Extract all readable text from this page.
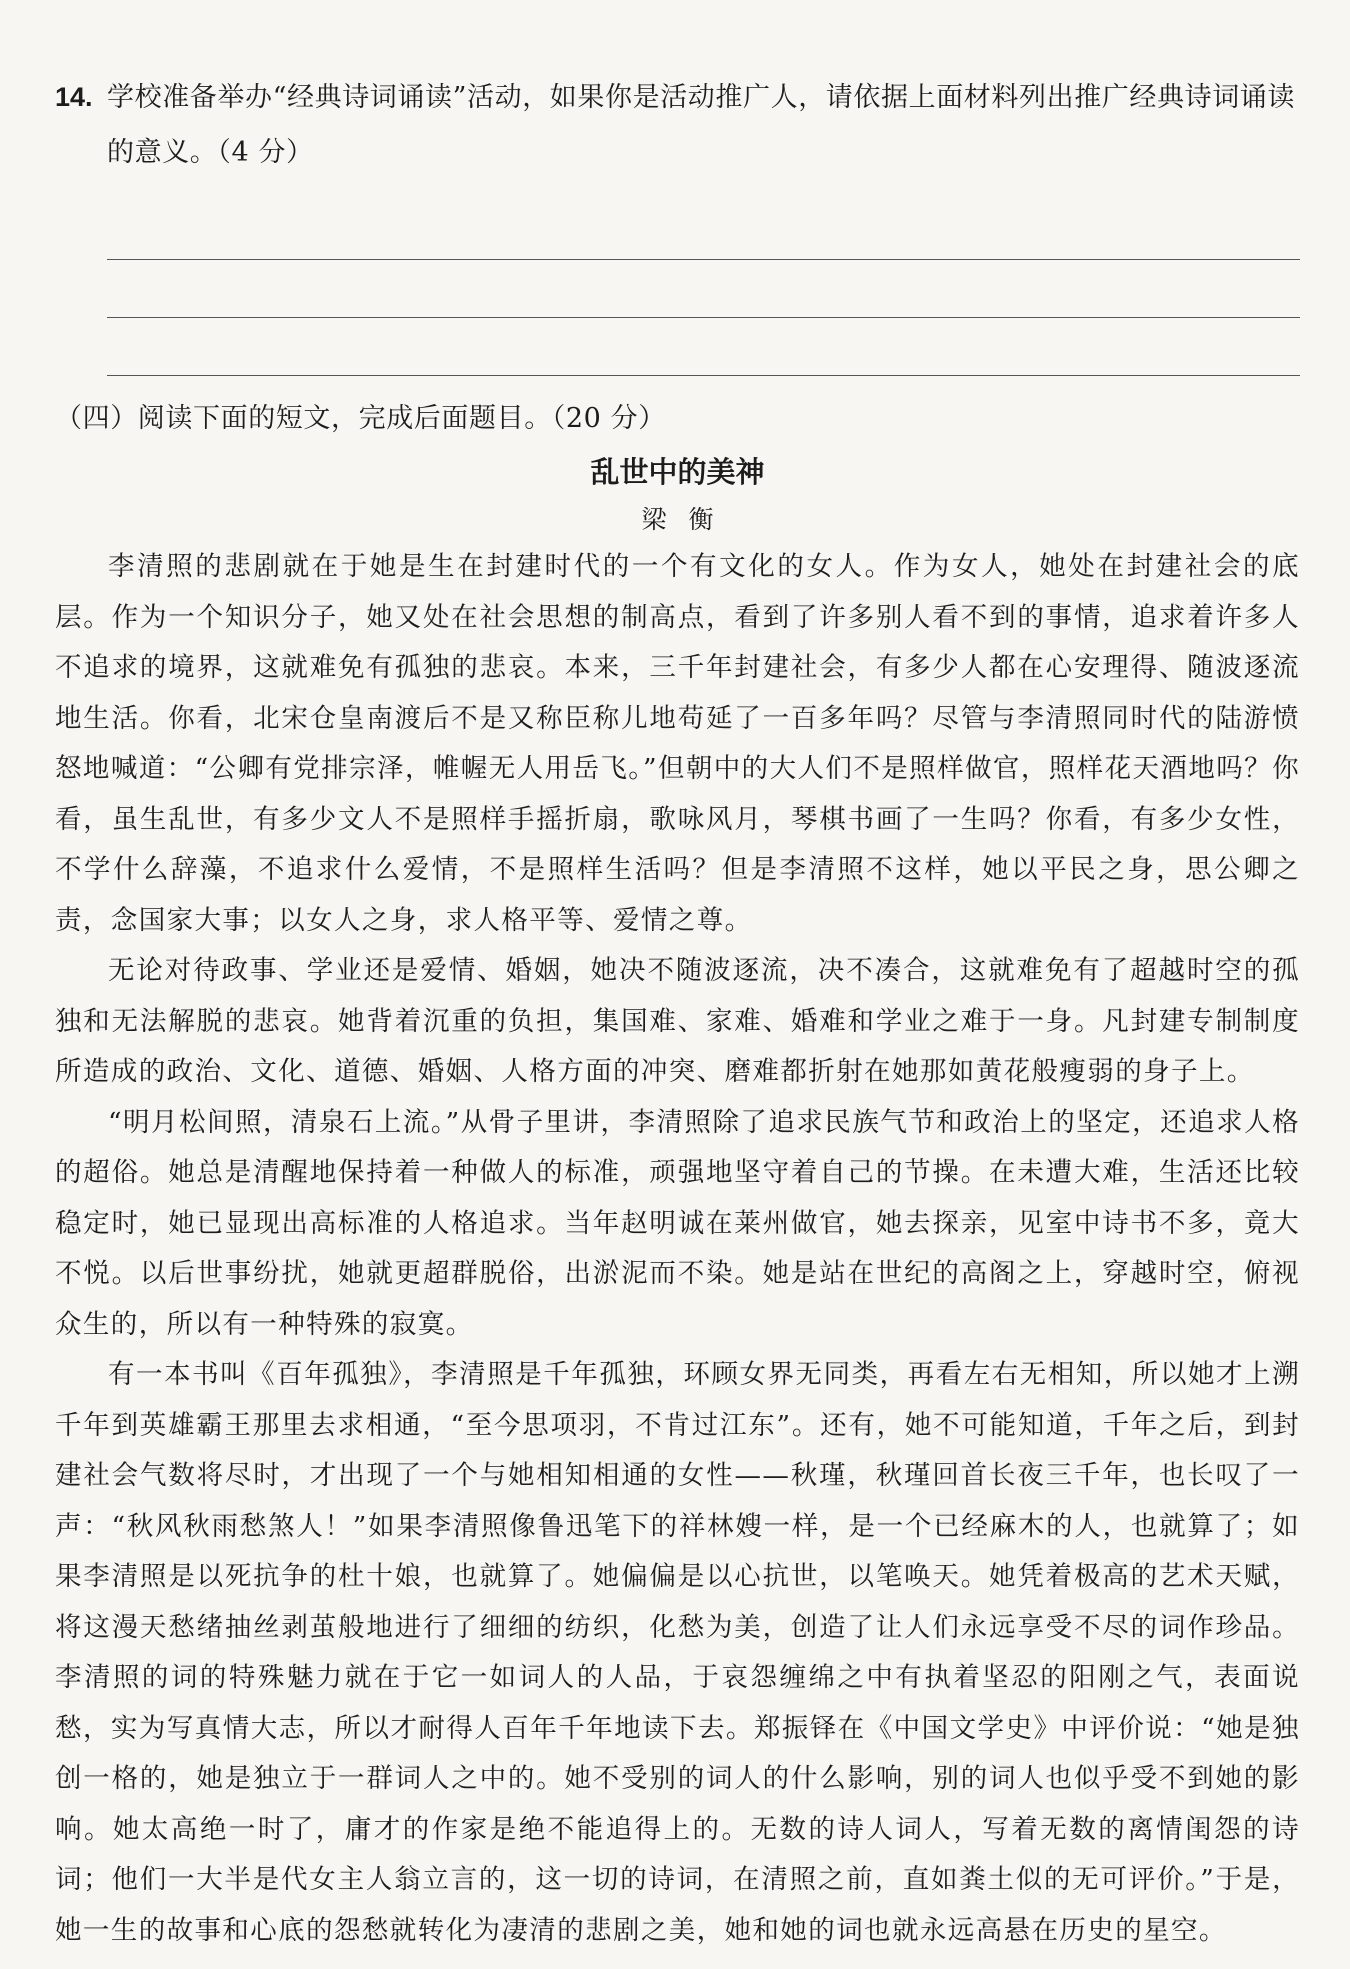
14. 学校准备举办“经典诗词诵读”活动，如果你是活动推广人，请依据上面材料列出推广经典诗词诵读的意义。（4 分）
（四）阅读下面的短文，完成后面题目。（20 分）
乱世中的美神
梁衡

李清照的悲剧就在于她是生在封建时代的一个有文化的女人。作为女人，她处在封建社会的底层。作为一个知识分子，她又处在社会思想的制高点，看到了许多别人看不到的事情，追求着许多人不追求的境界，这就难免有孤独的悲哀。本来，三千年封建社会，有多少人都在心安理得、随波逐流地生活。你看，北宋仓皇南渡后不是又称臣称儿地苟延了一百多年吗？尽管与李清照同时代的陆游愤怒地喊道：“公卿有党排宗泽，帷幄无人用岳飞。”但朝中的大人们不是照样做官，照样花天酒地吗？你看，虽生乱世，有多少文人不是照样手摇折扇，歌咏风月，琴棋书画了一生吗？你看，有多少女性，不学什么辞藻，不追求什么爱情，不是照样生活吗？但是李清照不这样，她以平民之身，思公卿之责，念国家大事；以女人之身，求人格平等、爱情之尊。

无论对待政事、学业还是爱情、婚姻，她决不随波逐流，决不凑合，这就难免有了超越时空的孤独和无法解脱的悲哀。她背着沉重的负担，集国难、家难、婚难和学业之难于一身。凡封建专制制度所造成的政治、文化、道德、婚姻、人格方面的冲突、磨难都折射在她那如黄花般瘦弱的身子上。

“明月松间照，清泉石上流。”从骨子里讲，李清照除了追求民族气节和政治上的坚定，还追求人格的超俗。她总是清醒地保持着一种做人的标准，顽强地坚守着自己的节操。在未遭大难，生活还比较稳定时，她已显现出高标准的人格追求。当年赵明诚在莱州做官，她去探亲，见室中诗书不多，竟大不悦。以后世事纷扰，她就更超群脱俗，出淤泥而不染。她是站在世纪的高阁之上，穿越时空，俯视众生的，所以有一种特殊的寂寞。

有一本书叫《百年孤独》，李清照是千年孤独，环顾女界无同类，再看左右无相知，所以她才上溯千年到英雄霸王那里去求相通，“至今思项羽，不肯过江东”。还有，她不可能知道，千年之后，到封建社会气数将尽时，才出现了一个与她相知相通的女性——秋瑾，秋瑾回首长夜三千年，也长叹了一声：“秋风秋雨愁煞人！”如果李清照像鲁迅笔下的祥林嫂一样，是一个已经麻木的人，也就算了；如果李清照是以死抗争的杜十娘，也就算了。她偏偏是以心抗世，以笔唤天。她凭着极高的艺术天赋，将这漫天愁绪抽丝剥茧般地进行了细细的纺织，化愁为美，创造了让人们永远享受不尽的词作珍品。李清照的词的特殊魅力就在于它一如词人的人品，于哀怨缠绵之中有执着坚忍的阳刚之气，表面说愁，实为写真情大志，所以才耐得人百年千年地读下去。郑振铎在《中国文学史》中评价说：“她是独创一格的，她是独立于一群词人之中的。她不受别的词人的什么影响，别的词人也似乎受不到她的影响。她太高绝一时了，庸才的作家是绝不能追得上的。无数的诗人词人，写着无数的离情闺怨的诗词；他们一大半是代女主人翁立言的，这一切的诗词，在清照之前，直如粪土似的无可评价。”于是，她一生的故事和心底的怨愁就转化为凄清的悲剧之美，她和她的词也就永远高悬在历史的星空。
